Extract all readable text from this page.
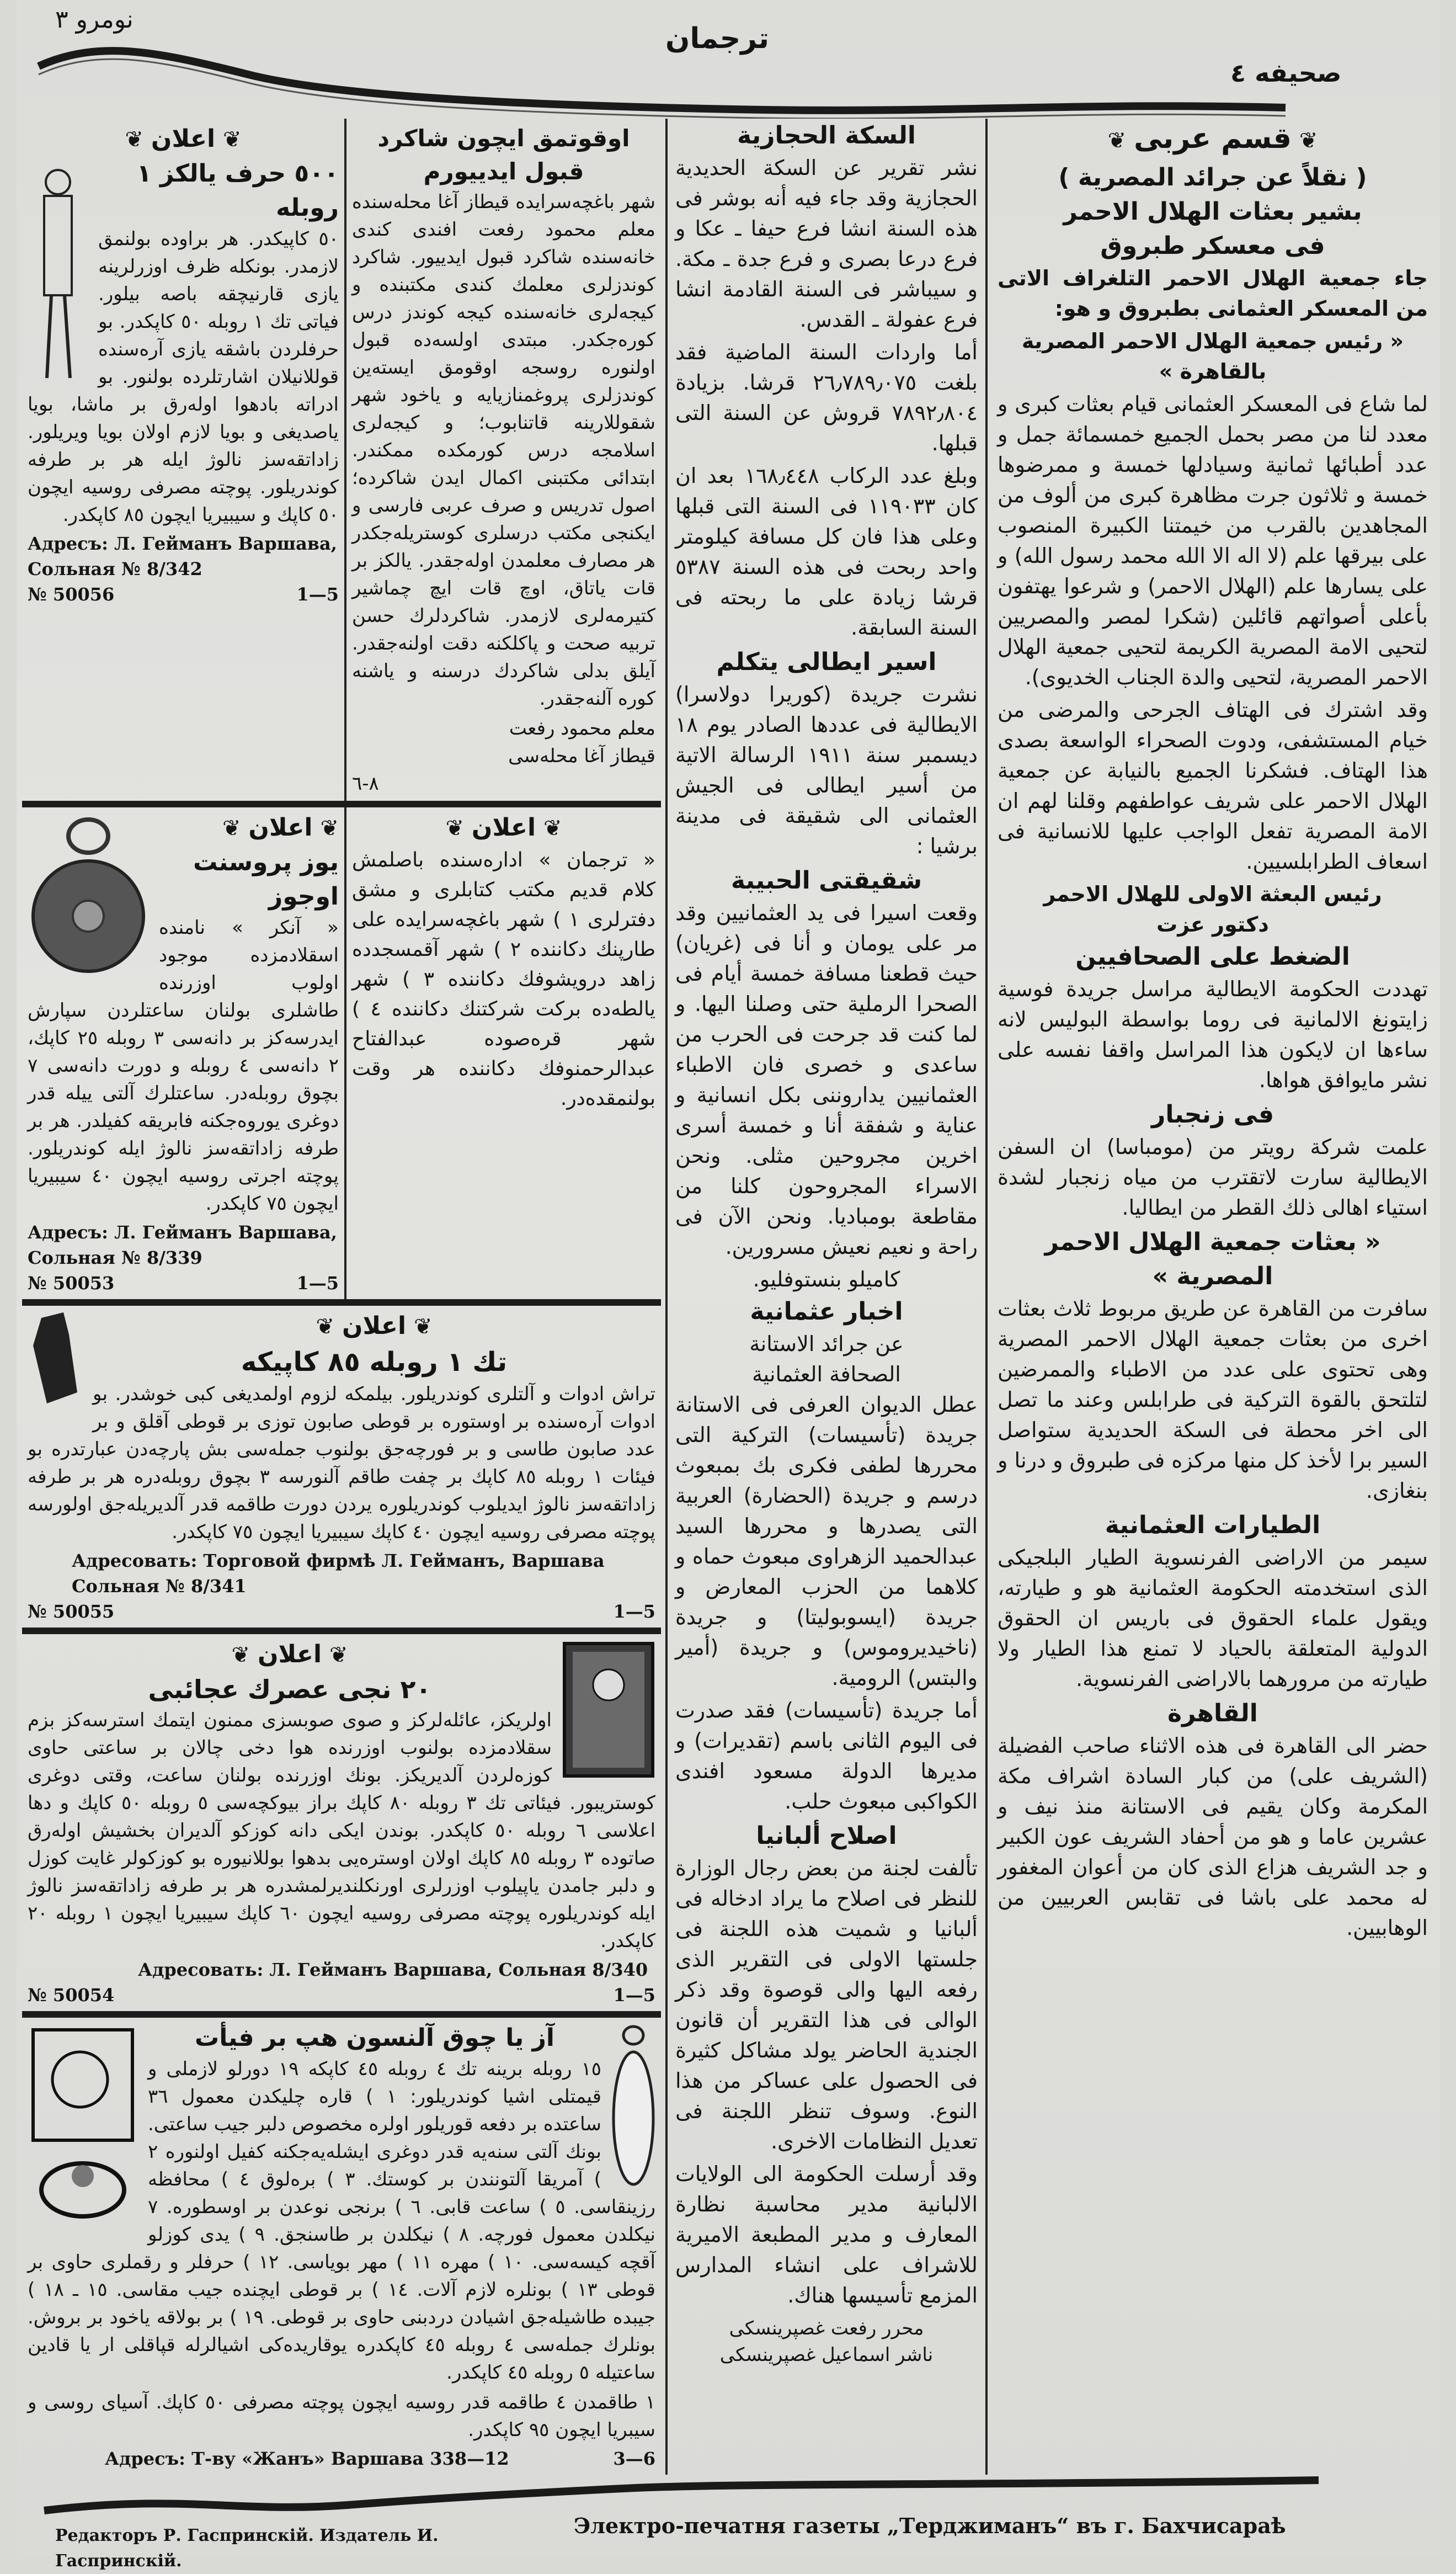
نومرو ٣
ترجمان
صحیفه ٤
❦ اعلان ❦
٥٠٠ حرف یالکز ١ روبله

٥٠ کاپیکدر. هر براوده بولنمق لازمدر. بونکله ظرف اوزرلرینه یازی قارنیچقه باصه بیلور. فیاتی تك ١ روبله ٥٠ کاپکدر. بو حرفلردن باشقه یازی آره‌سنده قوللانیلان اشارتلرده بولنور. بو ادراته بادهوا اوله‌رق بر ماشا، بویا یاصدیغی و بویا لازم اولان بویا ویریلور. زاداتقه‌سز نالوژ ایله هر بر طرفه کوندریلور. پوچته مصرفی روسیه ایچون ٥٠ کاپك و سیبیریا ایچون ٨٥ کاپکدر.

Адресъ: Л. Гейманъ Варшава, Сольная № 8/342
№ 50056	1—5
اوقوتمق ایچون شاکرد قبول ایدییورم

شهر باغچه‌سرایده قیطاز آغا محله‌سنده معلم محمود رفعت افندی کندی خانه‌سنده شاکرد قبول ایدییور. شاکرد کوندزلری معلمك کندی مکتبنده و کیجه‌لری خانه‌سنده کیجه کوندز درس کوره‌جکدر. مبتدی اولسه‌ده قبول اولنوره روسجه اوقومق ایسته‌ین کوندزلری پروغمنازیایه و یاخود شهر شقوللارینه قاتنابوب؛ و کیجه‌لری اسلامجه درس کورمکده ممکندر. ابتدائی مکتبنی اکمال ایدن شاکرده؛ اصول تدریس و صرف عربی فارسی و ایکنجی مکتب درسلری کوستریله‌جکدر هر مصارف معلمدن اوله‌جقدر. یالکز بر قات یاتاق، اوچ قات ایچ چماشیر کتیرمه‌لری لازمدر. شاکردلرك حسن تربیه صحت و پاکلکنه دقت اولنه‌جقدر. آیلق بدلی شاکردك درسنه و یاشنه کوره آلنه‌جقدر.

معلم محمود رفعت
قیطاز آغا محله‌سی
٨-٦
❦ اعلان ❦
یوز پروسنت اوجوز

« آنکر » نامنده اسقلادمزده موجود اولوب اوزرنده طاشلری بولنان ساعتلردن سپارش ایدرسه‌کز بر دانه‌سی ٣ روبله ٢٥ کاپك، ٢ دانه‌سی ٤ روبله و دورت دانه‌سی ٧ بچوق روبله‌در. ساعتلرك آلتی ییله قدر دوغری یوروه‌جکنه فابریقه کفیلدر. هر بر طرفه زاداتقه‌سز نالوژ ایله کوندریلور. پوچته اجرتی روسیه ایچون ٤٠ سیبیریا ایچون ٧٥ کاپکدر.

Адресъ: Л. Гейманъ Варшава, Сольная № 8/339
№ 50053	1—5
❦ اعلان ❦

« ترجمان » اداره‌سنده باصلمش کلام قدیم مکتب کتابلری و مشق دفترلری ١ ) شهر باغچه‌سرایده علی طارپنك دکاننده ٢ ) شهر آقمسجدده زاهد درویشوفك دکاننده ٣ ) شهر یالطه‌ده برکت شرکتنك دکاننده ٤ ) شهر قره‌صوده عبدالفتاح عبدالرحمنوفك دکاننده هر وقت بولنمقده‌در.

❦ اعلان ❦
تك ١ روبله ٨٥ کاپیکه

تراش ادوات و آلتلری کوندریلور. بیلمکه لزوم اولمدیغی کبی خوشدر. بو ادوات آره‌سنده بر اوستوره بر قوطی صابون توزی بر قوطی آقلق و بر عدد صابون طاسی و بر فورچه‌جق بولنوب جمله‌سی بش پارچه‌دن عبارتدره بو فیئات ١ روبله ٨٥ کاپك بر چفت طاقم آلنورسه ٣ بچوق روبله‌دره هر بر طرفه زاداتقه‌سز نالوژ ایدیلوب کوندریلوره یردن دورت طاقمه قدر آلدیریله‌جق اولورسه پوچته مصرفی روسیه ایچون ٤٠ کاپك سیبیریا ایچون ٧٥ کاپکدر.

Адресовать: Торговой фирмѣ Л. Гейманъ, Варшава Сольная № 8/341
№ 50055	1—5
❦ اعلان ❦
٢٠ نجی عصرك عجائبی

اولریکز، عائله‌لرکز و صوی صوبسزی ممنون ایتمك استرسه‌کز بزم سقلادمزده بولنوب اوزرنده هوا دخی چالان بر ساعتی حاوی کوزه‌لردن آلدیریکز. بونك اوزرنده بولنان ساعت، وقتی دوغری کوستریبور. فیئاتی تك ٣ روبله ٨٠ کاپك براز بیوکچه‌سی ٥ روبله ٥٠ کاپك و دها اعلاسی ٦ روبله ٥٠ کاپکدر. بوندن ایکی دانه کوزکو آلدیران بخشیش اوله‌رق صاتوده ٣ روبله ٨٥ کاپك اولان اوستره‌یی بدهوا بوللانیوره بو کوزکولر غایت کوزل و دلبر جامدن یاپیلوب اوزرلری اورنکلندیرلمشدره هر بر طرفه زاداتقه‌سز نالوژ ایله کوندریلوره پوچته مصرفی روسیه ایچون ٦٠ کاپك سیبیریا ایچون ١ روبله ٢٠ کاپکدر.

Адресовать: Л. Гейманъ Варшава, Сольная 8/340
№ 50054	1—5
آز یا چوق آلنسون هپ بر فیأت

١٥ روبله برینه تك ٤ روبله ٤٥ کاپکه ١٩ دورلو لازملی و قیمتلی اشیا کوندریلور: ١ ) قاره چلیکدن معمول ٣٦ ساعتده بر دفعه قوریلور اولره مخصوص دلبر جیب ساعتی. بونك آلتی سنه‌یه قدر دوغری ایشله‌یه‌جکنه کفیل اولنوره ٢ ) آمریقا آلتونندن بر کوستك. ٣ ) بره‌لوق ٤ ) محافظه رزینقاسی. ٥ ) ساعت قابی. ٦ ) برنجی نوعدن بر اوسطوره. ٧ نیکلدن معمول فورچه. ٨ ) نیکلدن بر طاسنجق. ٩ ) یدی کوزلو آقچه کیسه‌سی. ١٠ ) مهره ١١ ) مهر بویاسی. ١٢ ) حرفلر و رقملری حاوی بر قوطی ١٣ ) بونلره لازم آلات. ١٤ ) بر قوطی ایچنده جیب مقاسی. ١٥ ـ ١٨ ) جیبده طاشیله‌جق اشیادن دردبنی حاوی بر قوطی. ١٩ ) بر بولاقه یاخود بر بروش. بونلرك جمله‌سی ٤ روبله ٤٥ کاپکدره یوقاریده‌کی اشیالرله قپاقلی ار یا قادین ساعتیله ٥ روبله ٤٥ کاپکدر.

١ طاقمدن ٤ طاقمه قدر روسیه ایچون پوچته مصرفی ٥٠ کاپك. آسیای روسی و سیبریا ایچون ٩٥ کاپکدر.

Адресъ: Т‑ву «Жанъ» Варшава 338—12	3—6
السکة الحجازیة

نشر تقریر عن السکة الحدیدیة الحجازیة وقد جاء فیه أنه بوشر فی هذه السنة انشا فرع حیفا ـ عکا و فرع درعا بصری و فرع جدة ـ مکة. و سیباشر فی السنة القادمة انشا فرع عفولة ـ القدس.

أما واردات السنة الماضیة فقد بلغت ٢٦٫٧٨٩٫٠٧٥ قرشا. بزیادة ٧٨٩٢٫٨٠٤ قروش عن السنة التی قبلها.

وبلغ عدد الرکاب ١٦٨٫٤٤٨ بعد ان کان ١١٩٠٣٣ فی السنة التی قبلها وعلی هذا فان کل مسافة کیلومتر واحد ربحت فی هذه السنة ٥٣٨٧ قرشا زیادة علی ما ربحته فی السنة السابقة.

اسیر ایطالی یتکلم

نشرت جریدة (کوریرا دولاسرا) الایطالیة فی عددها الصادر یوم ١٨ دیسمبر سنة ١٩١١ الرسالة الاتیة من أسیر ایطالی فی الجیش العثمانی الی شقیقة فی مدینة برشیا :

شقیقتی الحبیبة

وقعت اسیرا فی ید العثمانیین وقد مر علی یومان و أنا فی (غریان) حیث قطعنا مسافة خمسة أیام فی الصحرا الرملیة حتی وصلنا الیها. و لما کنت قد جرحت فی الحرب من ساعدی و خصری فان الاطباء العثمانیین یداروننی بکل انسانیة و عنایة و شفقة أنا و خمسة أسری اخرین مجروحین مثلی. ونحن الاسراء المجروحون کلنا من مقاطعة بومبادیا. ونحن الآن فی راحة و نعیم نعیش مسرورین.

کامیلو بنستوفلیو.
اخبار عثمانیة
عن جرائد الاستانة
الصحافة العثمانیة

عطل الدیوان العرفی فی الاستانة جریدة (تأسیسات) الترکیة التی محررها لطفی فکری بك بمبعوث درسم و جریدة (الحضارة) العربیة التی یصدرها و محررها السید عبدالحمید الزهراوی مبعوث حماه و کلاهما من الحزب المعارض و جریدة (ایسوبولیتا) و جریدة (ناخیدیروموس) و جریدة (أمیر والبتس) الرومیة.

أما جریدة (تأسیسات) فقد صدرت فی الیوم الثانی باسم (تقدیرات) و مدیرها الدولة مسعود افندی الکواکبی مبعوث حلب.

اصلاح ألبانیا

تألفت لجنة من بعض رجال الوزارة للنظر فی اصلاح ما یراد ادخاله فی ألبانیا و شمیت هذه اللجنة فی جلستها الاولی فی التقریر الذی رفعه الیها والی قوصوة وقد ذکر الوالی فی هذا التقریر أن قانون الجندیة الحاضر یولد مشاکل کثیرة فی الحصول علی عساکر من هذا النوع. وسوف تنظر اللجنة فی تعدیل النظامات الاخری.

وقد أرسلت الحکومة الی الولایات الالبانیة مدیر محاسبة نظارة المعارف و مدیر المطبعة الامیریة للاشراف علی انشاء المدارس المزمع تأسیسها هناك.

محرر رفعت غصپرینسکی
ناشر اسماعیل غصپرینسکی
❦ قسم عربی ❦
( نقلاً عن جرائد المصریة )
بشیر بعثات الهلال الاحمر
فی معسکر طبروق

جاء جمعیة الهلال الاحمر التلغراف الاتی من المعسکر العثمانی بطبروق و هو:

« رئیس جمعیة الهلال الاحمر المصریة بالقاهرة »

لما شاع فی المعسکر العثمانی قیام بعثات کبری و معدد لنا من مصر بحمل الجمیع خمسمائة جمل و عدد أطبائها ثمانیة وسیادلها خمسة و ممرضوها خمسة و ثلاثون جرت مظاهرة کبری من ألوف من المجاهدین بالقرب من خیمتنا الکبیرة المنصوب علی بیرقها علم (لا اله الا الله محمد رسول الله) و علی یسارها علم (الهلال الاحمر) و شرعوا یهتفون بأعلی أصواتهم قائلین (شکرا لمصر والمصریین لتحیی الامة المصریة الکریمة لتحیی جمعیة الهلال الاحمر المصریة، لتحیی والدة الجناب الخدیوی).

وقد اشترك فی الهتاف الجرحی والمرضی من خیام المستشفی، ودوت الصحراء الواسعة بصدی هذا الهتاف. فشکرنا الجمیع بالنیابة عن جمعیة الهلال الاحمر علی شریف عواطفهم وقلنا لهم ان الامة المصریة تفعل الواجب علیها للانسانیة فی اسعاف الطرابلسیین.

رئیس البعثة الاولی للهلال الاحمر
دکتور عزت
الضغط علی الصحافیین

تهددت الحکومة الایطالیة مراسل جریدة فوسیة زایتونغ الالمانیة فی روما بواسطة البولیس لانه ساءها ان لایکون هذا المراسل واقفا نفسه علی نشر مایوافق هواها.

فی زنجبار

علمت شرکة رویتر من (مومباسا) ان السفن الایطالیة سارت لاتقترب من میاه زنجبار لشدة استیاء اهالی ذلك القطر من ایطالیا.

« بعثات جمعیة الهلال الاحمر المصریة »

سافرت من القاهرة عن طریق مربوط ثلاث بعثات اخری من بعثات جمعیة الهلال الاحمر المصریة وهی تحتوی علی عدد من الاطباء والممرضین لتلتحق بالقوة الترکیة فی طرابلس وعند ما تصل الی اخر محطة فی السکة الحدیدیة ستواصل السیر برا لأخذ کل منها مرکزه فی طبروق و درنا و بنغازی.

الطیارات العثمانیة

سیمر من الاراضی الفرنسویة الطیار البلجیکی الذی استخدمته الحکومة العثمانیة هو و طیارته، ویقول علماء الحقوق فی باریس ان الحقوق الدولیة المتعلقة بالحیاد لا تمنع هذا الطیار ولا طیارته من مرورهما بالاراضی الفرنسویة.

القاهرة

حضر الی القاهرة فی هذه الاثناء صاحب الفضیلة (الشریف علی) من کبار السادة اشراف مکة المکرمة وکان یقیم فی الاستانة منذ نیف و عشرین عاما و هو من أحفاد الشریف عون الکبیر و جد الشریف هزاع الذی کان من أعوان المغفور له محمد علی باشا فی تقابس العربیین من الوهابیین.

Редакторъ Р. Гаспринскій. Издатель И. Гаспринскій.
Электро-печатня газеты „Терджиманъ“ въ г. Бахчисараѣ
